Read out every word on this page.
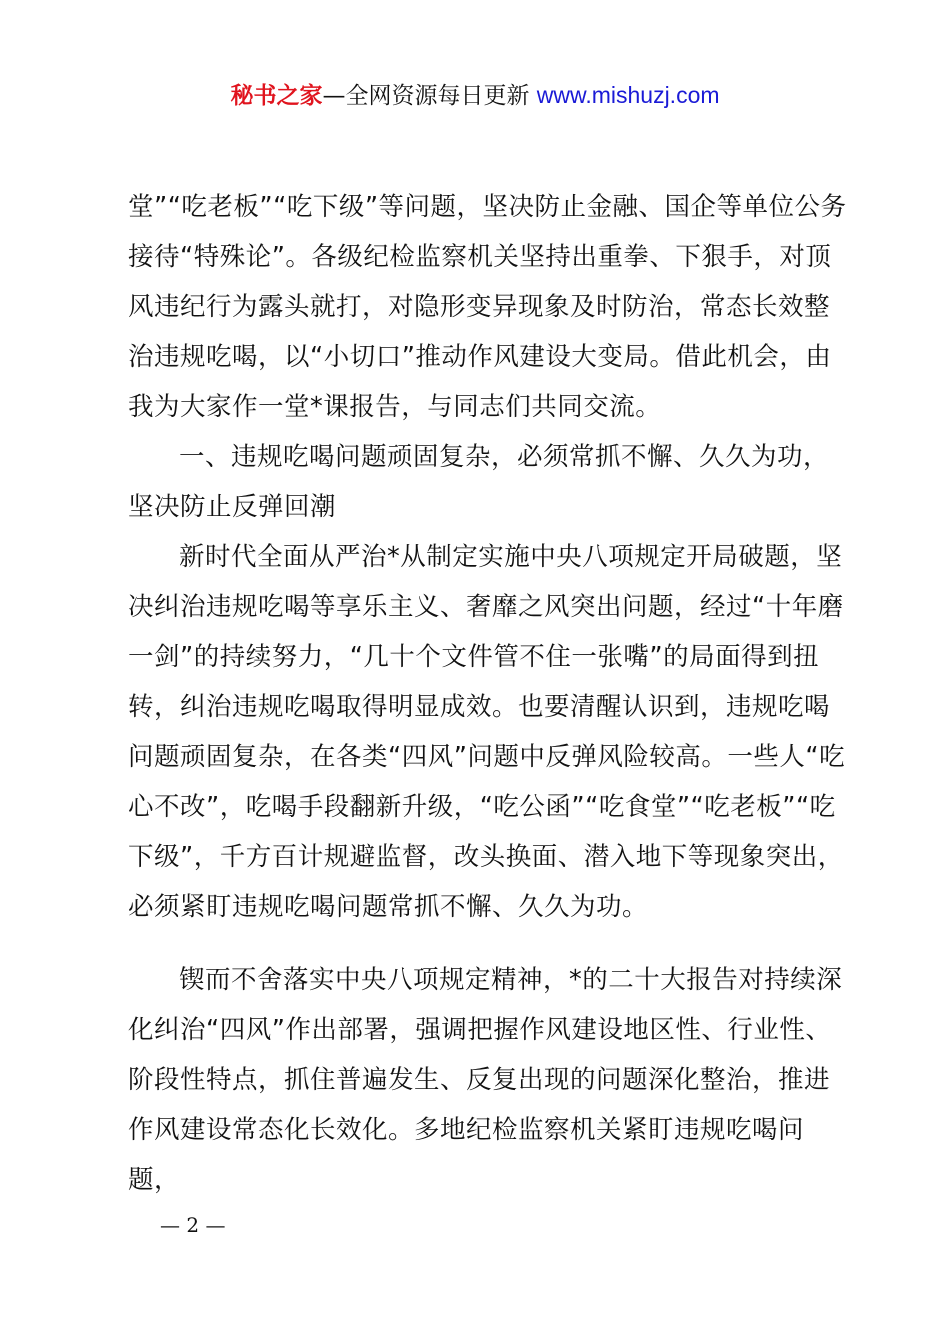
秘书之家—全网资源每日更新 www.mishuzj.com

堂”“吃老板”“吃下级”等问题，坚决防止金融、国企等单位公务接待“特殊论”。各级纪检监察机关坚持出重拳、下狠手，对顶风违纪行为露头就打，对隐形变异现象及时防治，常态长效整治违规吃喝，以“小切口”推动作风建设大变局。借此机会，由我为大家作一堂*课报告，与同志们共同交流。

一、违规吃喝问题顽固复杂，必须常抓不懈、久久为功，坚决防止反弹回潮

新时代全面从严治*从制定实施中央八项规定开局破题，坚决纠治违规吃喝等享乐主义、奢靡之风突出问题，经过“十年磨一剑”的持续努力，“几十个文件管不住一张嘴”的局面得到扭转，纠治违规吃喝取得明显成效。也要清醒认识到，违规吃喝问题顽固复杂，在各类“四风”问题中反弹风险较高。一些人“吃心不改”，吃喝手段翻新升级，“吃公函”“吃食堂”“吃老板”“吃下级”，千方百计规避监督，改头换面、潜入地下等现象突出，必须紧盯违规吃喝问题常抓不懈、久久为功。

锲而不舍落实中央八项规定精神，*的二十大报告对持续深化纠治“四风”作出部署，强调把握作风建设地区性、行业性、阶段性特点，抓住普遍发生、反复出现的问题深化整治，推进作风建设常态化长效化。多地纪检监察机关紧盯违规吃喝问题，

— 2 —
